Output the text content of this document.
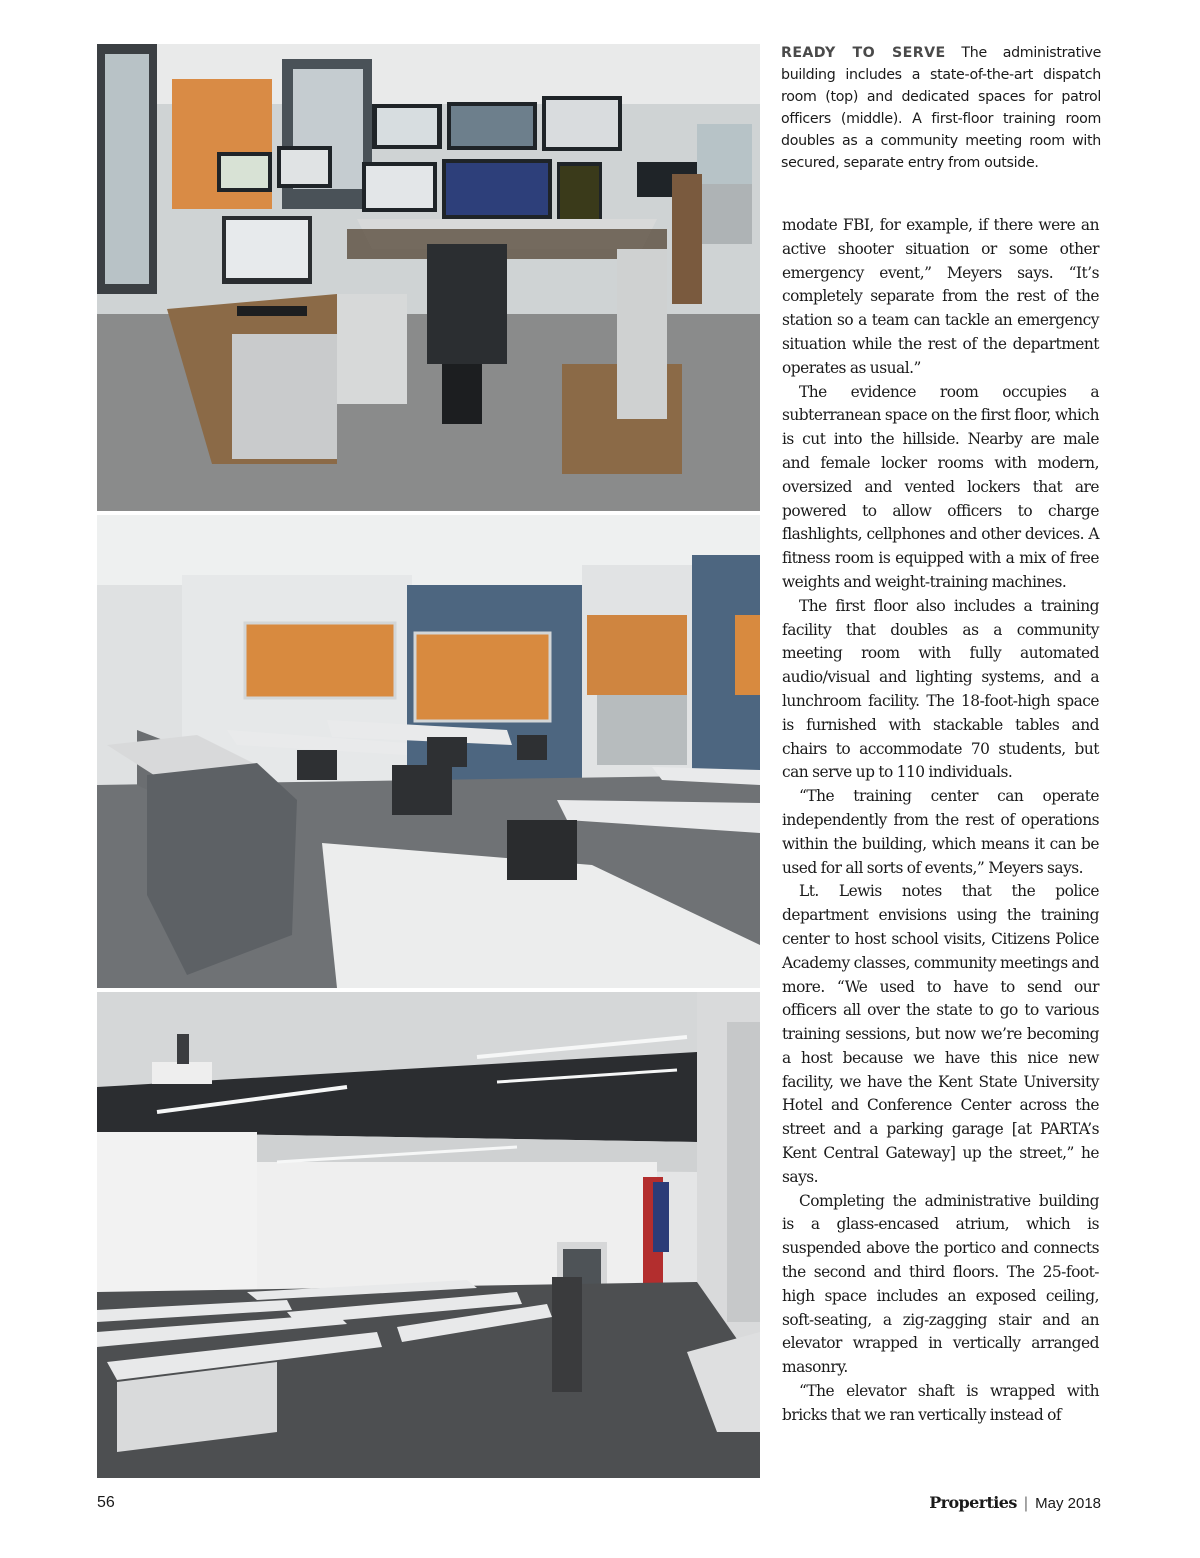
READY TO SERVE The administrative building includes a state-of-the-art dispatch room (top) and dedicated spaces for patrol officers (middle). A first-floor training room doubles as a community meeting room with secured, separate entry from outside.

modate FBI, for example, if there were an active shooter situation or some other emergency event,” Meyers says. “It’s completely separate from the rest of the station so a team can tackle an emergency situation while the rest of the department operates as usual.”

The evidence room occupies a subterranean space on the first floor, which is cut into the hillside. Nearby are male and female locker rooms with modern, oversized and vented lockers that are powered to allow officers to charge flashlights, cellphones and other devices. A fitness room is equipped with a mix of free weights and weight-training machines.

The first floor also includes a training facility that doubles as a community meeting room with fully automated audio/visual and lighting systems, and a lunchroom facility. The 18-foot-high space is furnished with stackable tables and chairs to accommodate 70 students, but can serve up to 110 individuals.

“The training center can operate independently from the rest of operations within the building, which means it can be used for all sorts of events,” Meyers says.

Lt. Lewis notes that the police department envisions using the training center to host school visits, Citizens Police Academy classes, community meetings and more. “We used to have to send our officers all over the state to go to various training sessions, but now we’re becoming a host because we have this nice new facility, we have the Kent State University Hotel and Conference Center across the street and a parking garage [at PARTA’s Kent Central Gateway] up the street,” he says.

Completing the administrative building is a glass-encased atrium, which is suspended above the portico and connects the second and third floors. The 25-foot-high space includes an exposed ceiling, soft-seating, a zig-zagging stair and an elevator wrapped in vertically arranged masonry.

“The elevator shaft is wrapped with bricks that we ran vertically instead of

56	Properties | May 2018
